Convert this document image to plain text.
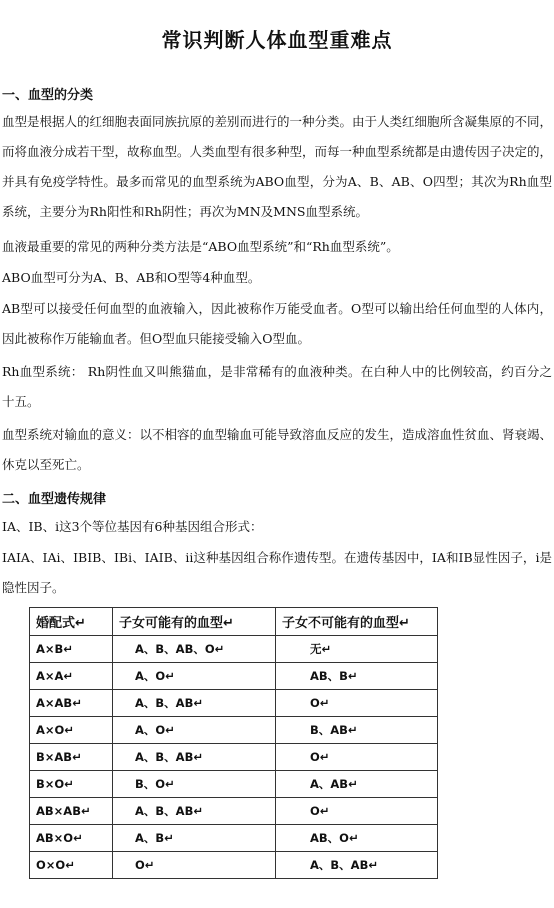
常识判断人体血型重难点
一、血型的分类
血型是根据人的红细胞表面同族抗原的差别而进行的一种分类。由于人类红细胞所含凝集原的不同，而将血液分成若干型，故称血型。人类血型有很多种型，而每一种血型系统都是由遗传因子决定的，并具有免疫学特性。最多而常见的血型系统为ABO血型，分为A、B、AB、O四型；其次为Rh血型系统，主要分为Rh阳性和Rh阴性；再次为MN及MNS血型系统。
血液最重要的常见的两种分类方法是“ABO血型系统”和“Rh血型系统”。
ABO血型可分为A、B、AB和O型等4种血型。
AB型可以接受任何血型的血液输入，因此被称作万能受血者。O型可以输出给任何血型的人体内，因此被称作万能输血者。但O型血只能接受输入O型血。
Rh血型系统： Rh阴性血又叫熊猫血，是非常稀有的血液种类。在白种人中的比例较高，约百分之十五。
血型系统对输血的意义：以不相容的血型输血可能导致溶血反应的发生，造成溶血性贫血、肾衰竭、休克以至死亡。
二、血型遗传规律
IA、IB、i这3个等位基因有6种基因组合形式：
IAIA、IAi、IBIB、IBi、IAIB、ii这种基因组合称作遗传型。在遗传基因中，IA和IB显性因子，i是隐性因子。
婚配式↵	子女可能有的血型↵	子女不可能有的血型↵
A×B↵	A、B、AB、O↵	无↵
A×A↵	A、O↵	AB、B↵
A×AB↵	A、B、AB↵	O↵
A×O↵	A、O↵	B、AB↵
B×AB↵	A、B、AB↵	O↵
B×O↵	B、O↵	A、AB↵
AB×AB↵	A、B、AB↵	O↵
AB×O↵	A、B↵	AB、O↵
O×O↵	O↵	A、B、AB↵
